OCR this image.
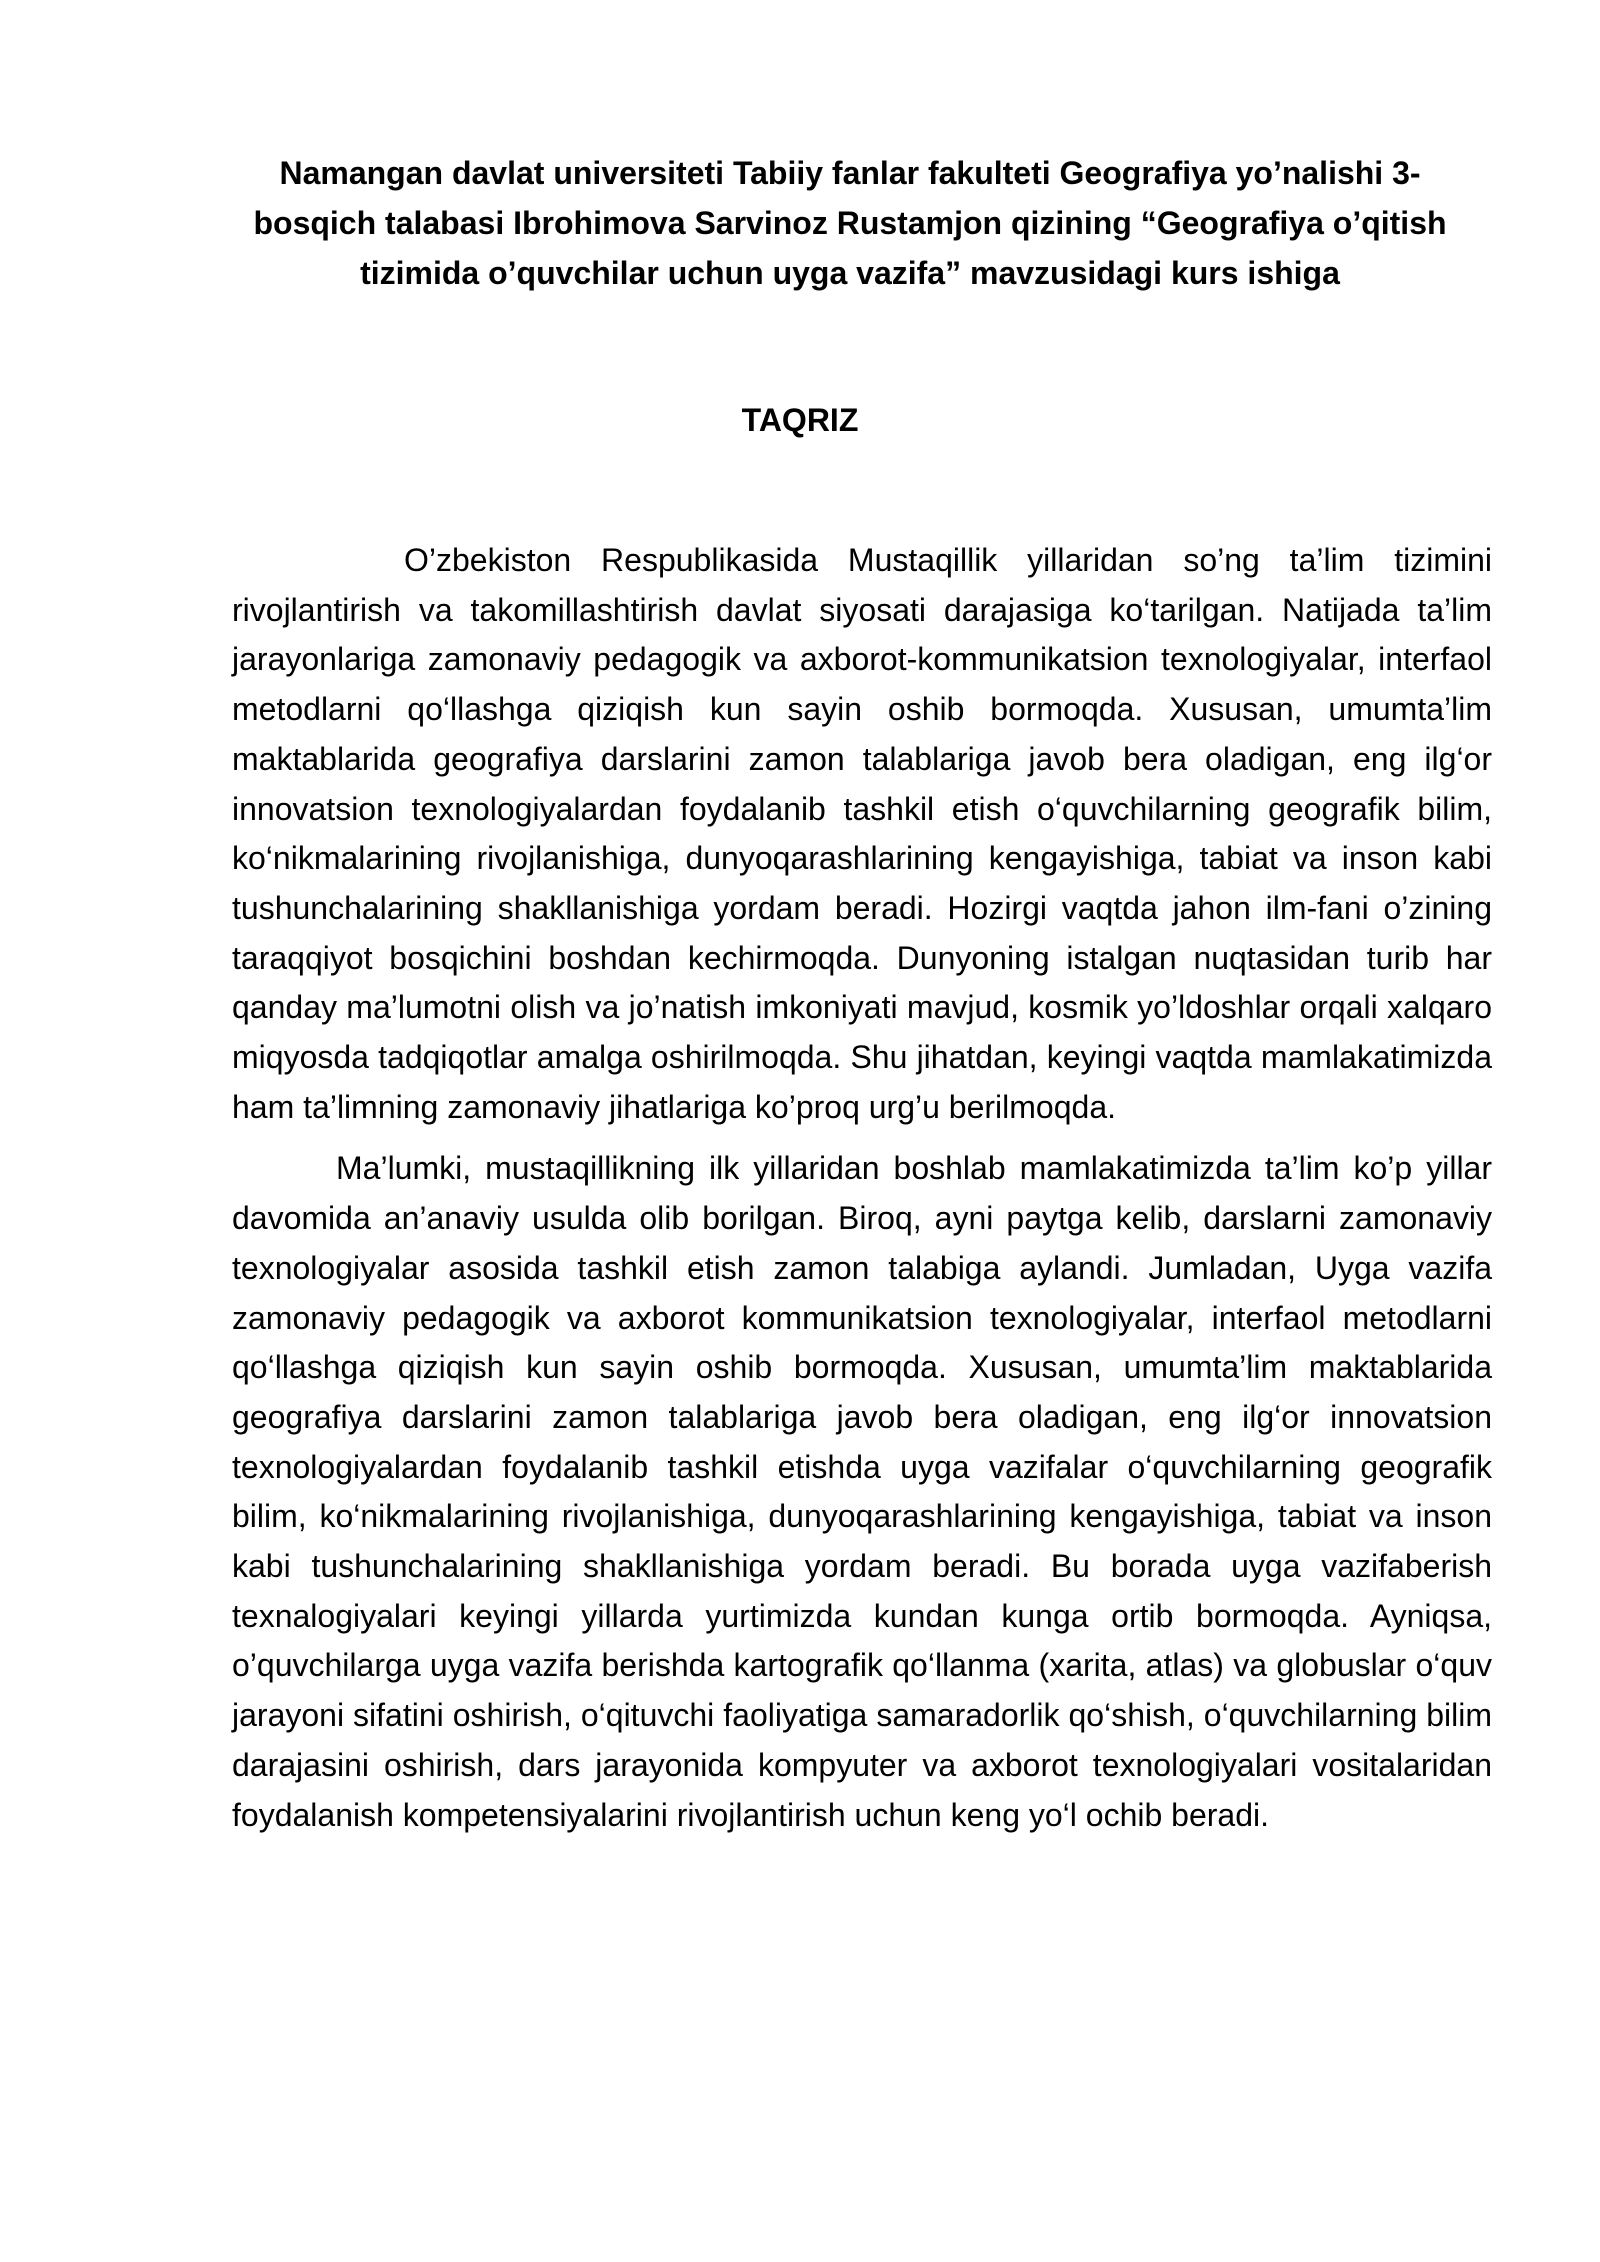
Namangan davlat universiteti Tabiiy fanlar fakulteti Geografiya yo’nalishi 3-
bosqich talabasi Ibrohimova Sarvinoz Rustamjon qizining “Geografiya o’qitish
tizimida o’quvchilar uchun uyga vazifa” mavzusidagi kurs ishiga
TAQRIZ

O’zbekiston Respublikasida Mustaqillik yillaridan so’ng ta’lim tizimini rivojlantirish va takomillashtirish davlat siyosati darajasiga ko‘tarilgan. Natijada ta’lim jarayonlariga zamonaviy pedagogik va axborot-kommunikatsion texnologiyalar, interfaol metodlarni qo‘llashga qiziqish kun sayin oshib bormoqda. Xususan, umumta’lim maktablarida geografiya darslarini zamon talablariga javob bera oladigan, eng ilg‘or innovatsion texnologiyalardan foydalanib tashkil etish o‘quvchilarning geografik bilim, ko‘nikmalarining rivojlanishiga, dunyoqarashlarining kengayishiga, tabiat va inson kabi tushunchalarining shakllanishiga yordam beradi. Hozirgi vaqtda jahon ilm-fani o’zining taraqqiyot bosqichini boshdan kechirmoqda. Dunyoning istalgan nuqtasidan turib har qanday ma’lumotni olish va jo’natish imkoniyati mavjud, kosmik yo’ldoshlar orqali xalqaro miqyosda tadqiqotlar amalga oshirilmoqda. Shu jihatdan, keyingi vaqtda mamlakatimizda ham ta’limning zamonaviy jihatlariga ko’proq urg’u berilmoqda.

Ma’lumki, mustaqillikning ilk yillaridan boshlab mamlakatimizda ta’lim ko’p yillar davomida an’anaviy usulda olib borilgan. Biroq, ayni paytga kelib, darslarni zamonaviy texnologiyalar asosida tashkil etish zamon talabiga aylandi. Jumladan, Uyga vazifa zamonaviy pedagogik va axborot kommunikatsion texnologiyalar, interfaol metodlarni qo‘llashga qiziqish kun sayin oshib bormoqda. Xususan, umumta’lim maktablarida geografiya darslarini zamon talablariga javob bera oladigan, eng ilg‘or innovatsion texnologiyalardan foydalanib tashkil etishda uyga vazifalar o‘quvchilarning geografik bilim, ko‘nikmalarining rivojlanishiga, dunyoqarashlarining kengayishiga, tabiat va inson kabi tushunchalarining shakllanishiga yordam beradi. Bu borada uyga vazifaberish texnalogiyalari keyingi yillarda yurtimizda kundan kunga ortib bormoqda. Ayniqsa, o’quvchilarga uyga vazifa berishda kartografik qo‘llanma (xarita, atlas) va globuslar o‘quv jarayoni sifatini oshirish, o‘qituvchi faoliyatiga samaradorlik qo‘shish, o‘quvchilarning bilim darajasini oshirish, dars jarayonida kompyuter va axborot texnologiyalari vositalaridan foydalanish kompetensiyalarini rivojlantirish uchun keng yo‘l ochib beradi.
